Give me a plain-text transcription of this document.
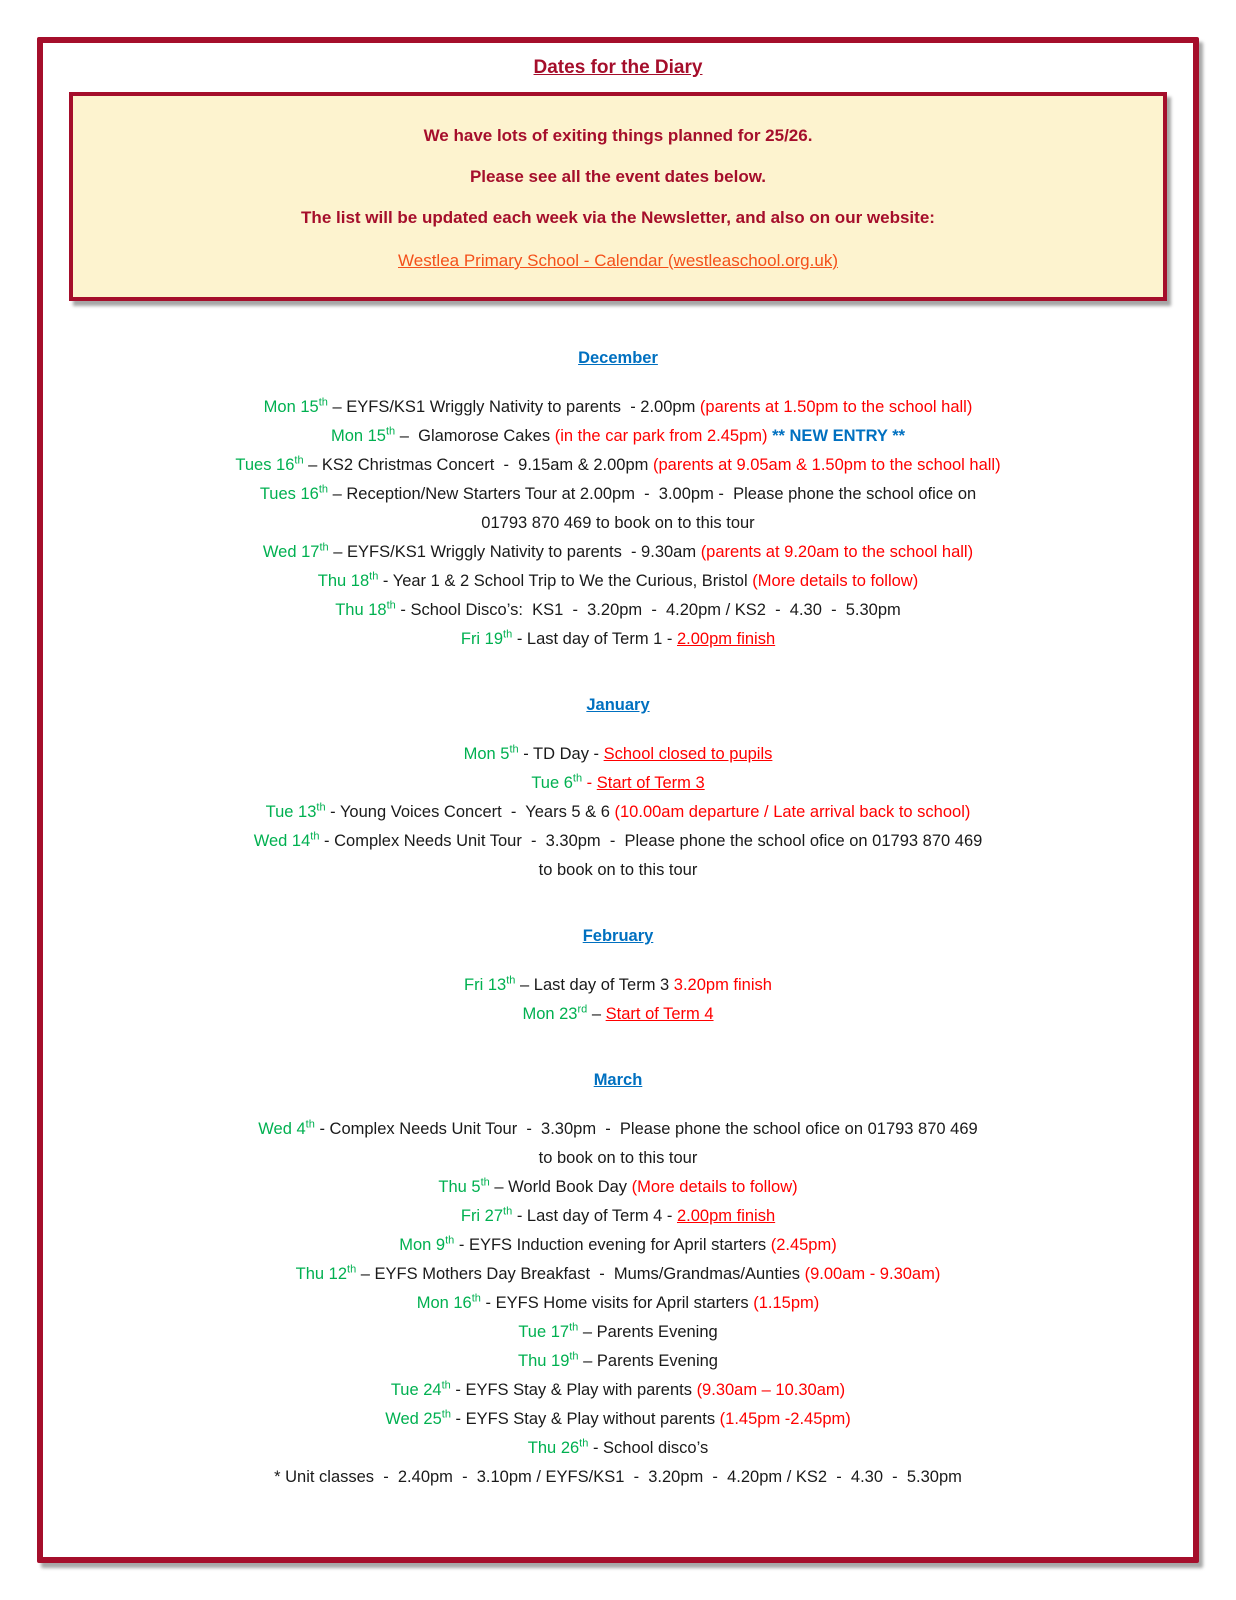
Dates for the Diary

We have lots of exiting things planned for 25/26.

Please see all the event dates below.

The list will be updated each week via the Newsletter, and also on our website:

Westlea Primary School - Calendar (westleaschool.org.uk)
December

Mon 15th – EYFS/KS1 Wriggly Nativity to parents  - 2.00pm (parents at 1.50pm to the school hall)

Mon 15th –  Glamorose Cakes (in the car park from 2.45pm) ** NEW ENTRY **

Tues 16th – KS2 Christmas Concert  -  9.15am & 2.00pm (parents at 9.05am & 1.50pm to the school hall)

Tues 16th – Reception/New Starters Tour at 2.00pm  -  3.00pm -  Please phone the school ofice on

01793 870 469 to book on to this tour

Wed 17th – EYFS/KS1 Wriggly Nativity to parents  - 9.30am (parents at 9.20am to the school hall)

Thu 18th - Year 1 & 2 School Trip to We the Curious, Bristol (More details to follow)

Thu 18th - School Disco’s:  KS1  -  3.20pm  -  4.20pm / KS2  -  4.30  -  5.30pm

Fri 19th - Last day of Term 1 - 2.00pm finish

January

Mon 5th - TD Day - School closed to pupils

Tue 6th - Start of Term 3

Tue 13th - Young Voices Concert  -  Years 5 & 6 (10.00am departure / Late arrival back to school)

Wed 14th - Complex Needs Unit Tour  -  3.30pm  -  Please phone the school ofice on 01793 870 469

to book on to this tour

February

Fri 13th – Last day of Term 3 3.20pm finish

Mon 23rd – Start of Term 4

March

Wed 4th - Complex Needs Unit Tour  -  3.30pm  -  Please phone the school ofice on 01793 870 469

to book on to this tour

Thu 5th – World Book Day (More details to follow)

Fri 27th - Last day of Term 4 - 2.00pm finish

Mon 9th - EYFS Induction evening for April starters (2.45pm)

Thu 12th – EYFS Mothers Day Breakfast  -  Mums/Grandmas/Aunties (9.00am - 9.30am)

Mon 16th - EYFS Home visits for April starters (1.15pm)

Tue 17th – Parents Evening

Thu 19th – Parents Evening

Tue 24th - EYFS Stay & Play with parents (9.30am – 10.30am)

Wed 25th - EYFS Stay & Play without parents (1.45pm -2.45pm)

Thu 26th - School disco’s

* Unit classes  -  2.40pm  -  3.10pm / EYFS/KS1  -  3.20pm  -  4.20pm / KS2  -  4.30  -  5.30pm
